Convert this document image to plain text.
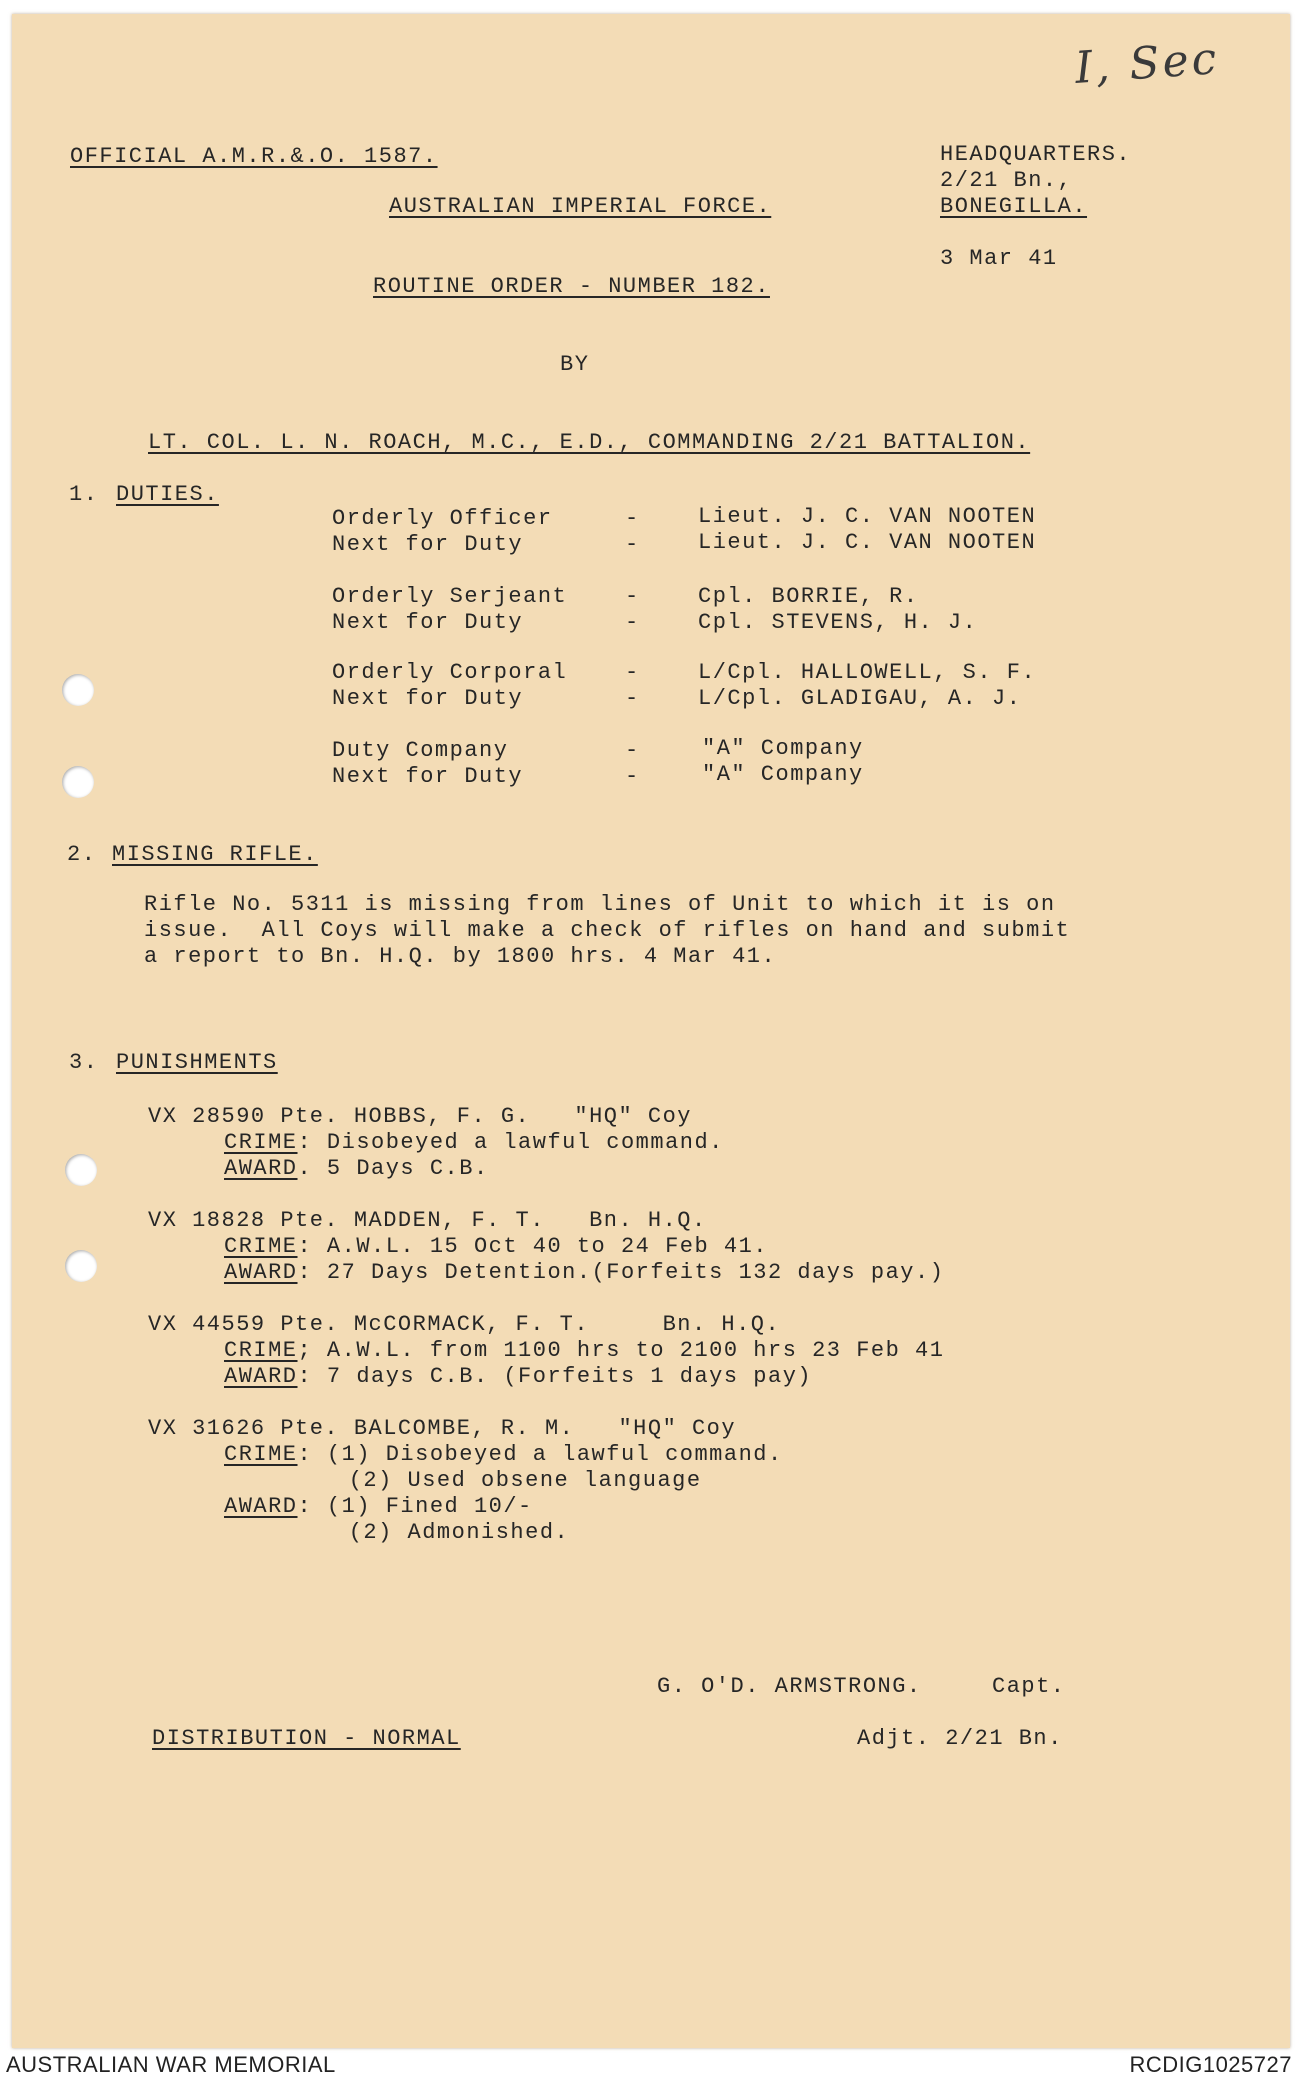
I, Sec
OFFICIAL A.M.R.&.O. 1587.	HEADQUARTERS.
2/21 Bn.,
BONEGILLA.
3 Mar 41
AUSTRALIAN IMPERIAL FORCE.
ROUTINE ORDER - NUMBER 182.
BY
LT. COL. L. N. ROACH, M.C., E.D., COMMANDING 2/21 BATTALION.
1. DUTIES.
Orderly Officer	-	Lieut. J. C. VAN NOOTEN
Next for Duty	-	Lieut. J. C. VAN NOOTEN
Orderly Serjeant	-	Cpl. BORRIE, R.
Next for Duty	-	Cpl. STEVENS, H. J.
Orderly Corporal	-	L/Cpl. HALLOWELL, S. F.
Next for Duty	-	L/Cpl. GLADIGAU, A. J.
Duty Company	-	"A" Company
Next for Duty	-	"A" Company
2. MISSING RIFLE.
Rifle No. 5311 is missing from lines of Unit to which it is on
issue.  All Coys will make a check of rifles on hand and submit
a report to Bn. H.Q. by 1800 hrs. 4 Mar 41.
3. PUNISHMENTS
VX 28590 Pte. HOBBS, F. G.   "HQ" Coy
CRIME: Disobeyed a lawful command.
AWARD. 5 Days C.B.
VX 18828 Pte. MADDEN, F. T.   Bn. H.Q.
CRIME: A.W.L. 15 Oct 40 to 24 Feb 41.
AWARD: 27 Days Detention.(Forfeits 132 days pay.)
VX 44559 Pte. McCORMACK, F. T.     Bn. H.Q.
CRIME; A.W.L. from 1100 hrs to 2100 hrs 23 Feb 41
AWARD: 7 days C.B. (Forfeits 1 days pay)
VX 31626 Pte. BALCOMBE, R. M.   "HQ" Coy
CRIME: (1) Disobeyed a lawful command.
(2) Used obsene language
AWARD: (1) Fined 10/-
(2) Admonished.
G. O'D. ARMSTRONG.	Capt.
Adjt. 2/21 Bn.
DISTRIBUTION - NORMAL
AUSTRALIAN WAR MEMORIAL	RCDIG1025727
